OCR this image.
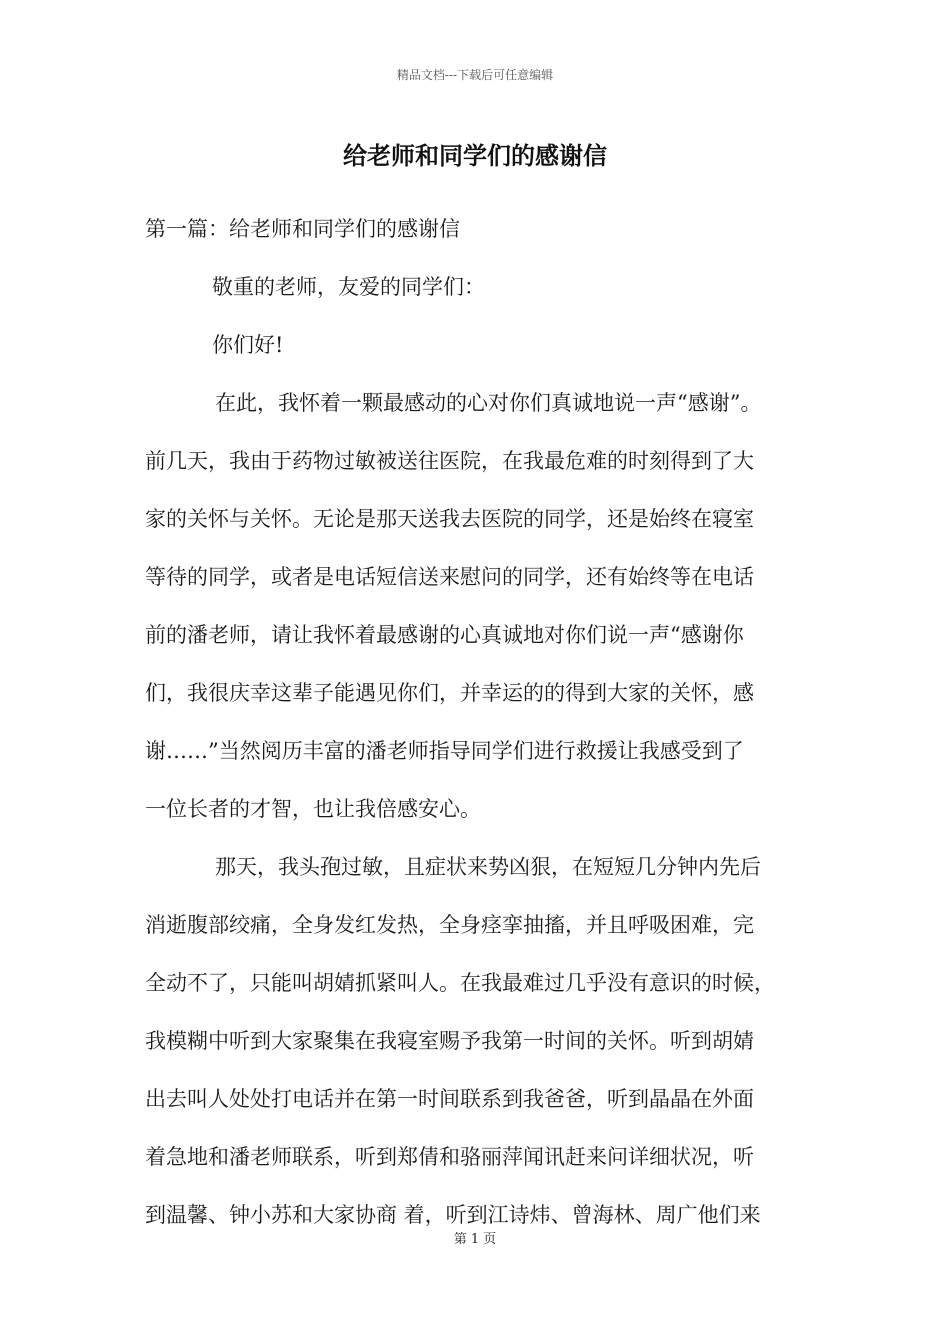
精品文档---下载后可任意编辑
给老师和同学们的感谢信
第一篇：给老师和同学们的感谢信
敬重的老师，友爱的同学们：
你们好!
在此，我怀着一颗最感动的心对你们真诚地说一声“感谢”。
前几天，我由于药物过敏被送往医院，在我最危难的时刻得到了大
家的关怀与关怀。无论是那天送我去医院的同学，还是始终在寝室
等待的同学，或者是电话短信送来慰问的同学，还有始终等在电话
前的潘老师，请让我怀着最感谢的心真诚地对你们说一声“感谢你
们，我很庆幸这辈子能遇见你们，并幸运的的得到大家的关怀，感
谢……”当然阅历丰富的潘老师指导同学们进行救援让我感受到了
一位长者的才智，也让我倍感安心。
那天，我头孢过敏，且症状来势凶狠，在短短几分钟内先后
消逝腹部绞痛，全身发红发热，全身痉挛抽搐，并且呼吸困难，完
全动不了，只能叫胡婧抓紧叫人。在我最难过几乎没有意识的时候，
我模糊中听到大家聚集在我寝室赐予我第一时间的关怀。听到胡婧
出去叫人处处打电话并在第一时间联系到我爸爸，听到晶晶在外面
着急地和潘老师联系，听到郑倩和骆丽萍闻讯赶来问详细状况，听
到温馨、钟小苏和大家协商 着，听到江诗炜、曾海林、周广他们来
第 1 页
